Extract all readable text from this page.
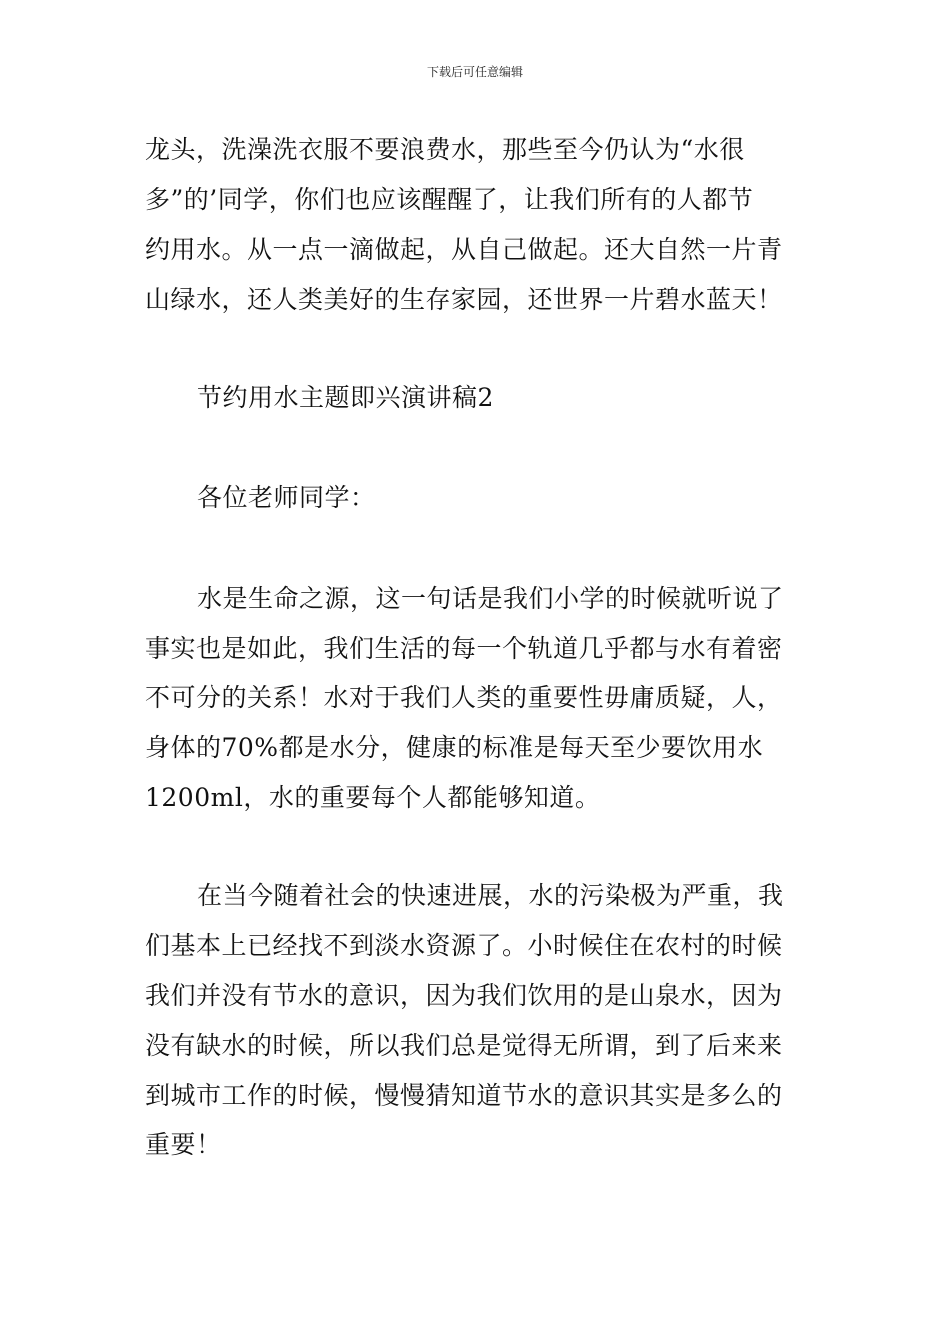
下载后可任意编辑
龙头，洗澡洗衣服不要浪费水，那些至今仍认为“水很
多”的’同学，你们也应该醒醒了，让我们所有的人都节
约用水。从一点一滴做起，从自己做起。还大自然一片青
山绿水，还人类美好的生存家园，还世界一片碧水蓝天！
节约用水主题即兴演讲稿2
各位老师同学：
水是生命之源，这一句话是我们小学的时候就听说了
事实也是如此，我们生活的每一个轨道几乎都与水有着密
不可分的关系！水对于我们人类的重要性毋庸质疑，人，
身体的70%都是水分，健康的标准是每天至少要饮用水
1200ml，水的重要每个人都能够知道。
在当今随着社会的快速进展，水的污染极为严重，我
们基本上已经找不到淡水资源了。小时候住在农村的时候
我们并没有节水的意识，因为我们饮用的是山泉水，因为
没有缺水的时候，所以我们总是觉得无所谓，到了后来来
到城市工作的时候，慢慢猜知道节水的意识其实是多么的
重要！
